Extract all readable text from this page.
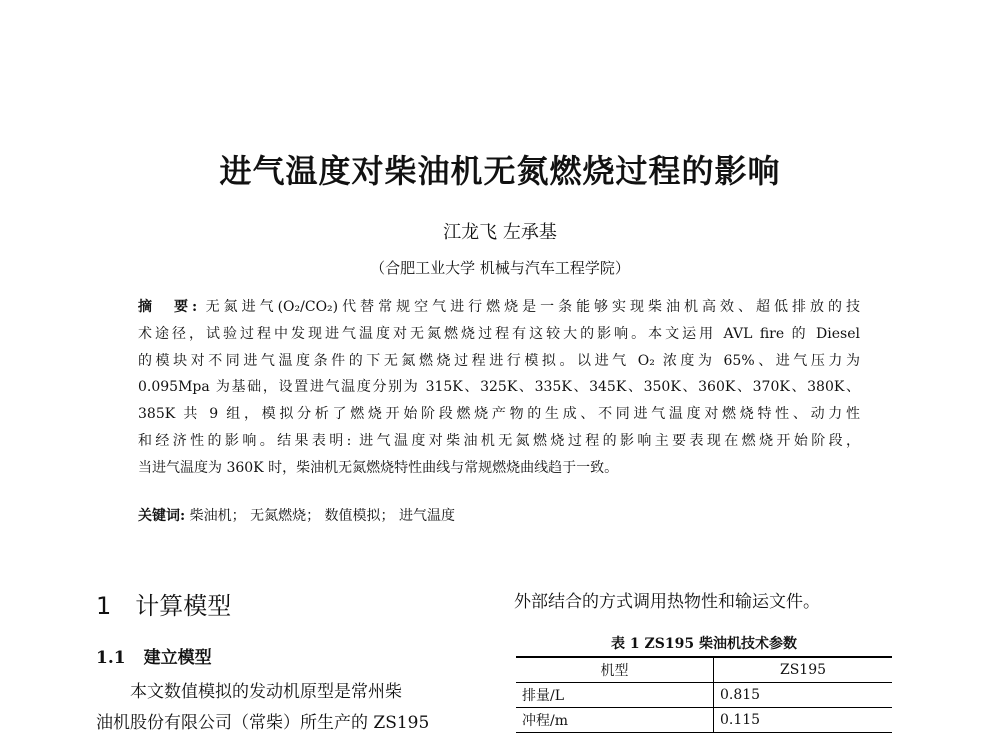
进气温度对柴油机无氮燃烧过程的影响
江龙飞 左承基
（合肥工业大学 机械与汽车工程学院）
摘　要: 无氮进气(O₂/CO₂)代替常规空气进行燃烧是一条能够实现柴油机高效、超低排放的技
术途径，试验过程中发现进气温度对无氮燃烧过程有这较大的影响。本文运用 AVL fire 的 Diesel
的模块对不同进气温度条件的下无氮燃烧过程进行模拟。以进气 O₂ 浓度为 65%、进气压力为
0.095Mpa 为基础，设置进气温度分别为 315K、325K、335K、345K、350K、360K、370K、380K、
385K 共 9 组，模拟分析了燃烧开始阶段燃烧产物的生成、不同进气温度对燃烧特性、动力性
和经济性的影响。结果表明: 进气温度对柴油机无氮燃烧过程的影响主要表现在燃烧开始阶段，
当进气温度为 360K 时，柴油机无氮燃烧特性曲线与常规燃烧曲线趋于一致。
关键词: 柴油机； 无氮燃烧； 数值模拟； 进气温度
1 计算模型
1.1 建立模型
本文数值模拟的发动机原型是常州柴
油机股份有限公司（常柴）所生产的 ZS195
外部结合的方式调用热物性和输运文件。
表 1 ZS195 柴油机技术参数
机型	ZS195
排量/L	0.815
冲程/m	0.115
